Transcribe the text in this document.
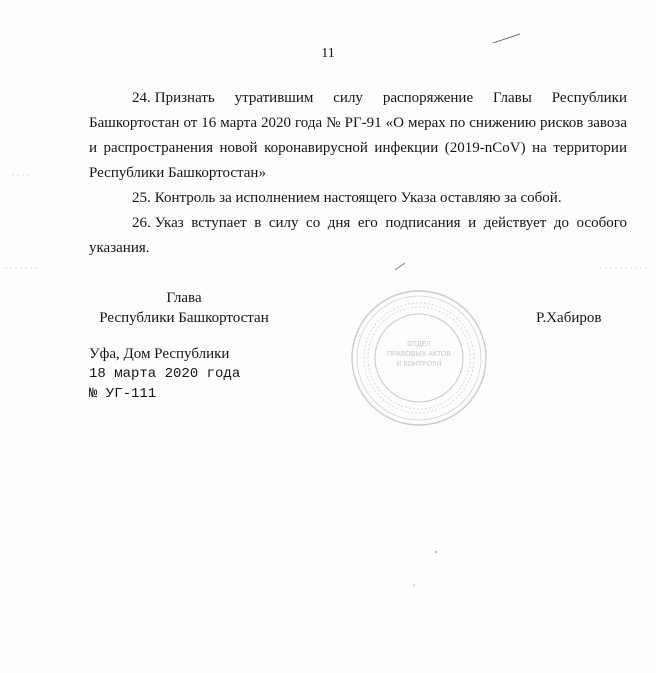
11

24. Признать утратившим силу распоряжение Главы Республики Башкортостан от 16 марта 2020 года № РГ-91 «О мерах по снижению рисков завоза и распространения новой коронавирусной инфекции (2019-nCoV) на территории Республики Башкортостан»

25. Контроль за исполнением настоящего Указа оставляю за собой.

26. Указ вступает в силу со дня его подписания и действует до особого указания.

Глава
Республики Башкортостан	Р.Хабиров
Уфа, Дом Республики
18 марта 2020 года
№ УГ-111
ОТДЕЛ
ПРАВОВЫХ АКТОВ
И КОНТРОЛЯ
